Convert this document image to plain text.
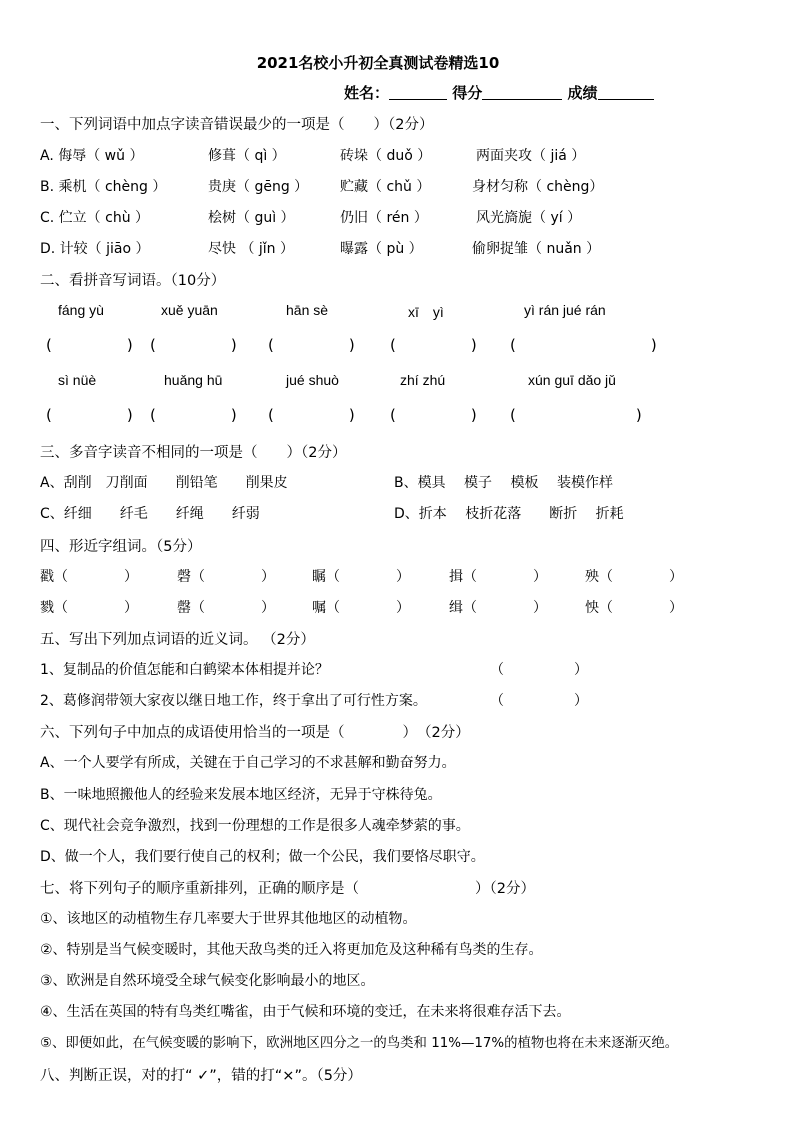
2021名校小升初全真测试卷精选10
姓名：	得分	成绩
一、下列词语中加点字读音错误最少的一项是（　　）（2分）
A. 侮辱（ wǔ ）	修葺（ qì ）	砖垛（ duǒ ）	两面夹攻（ jiá ）
B. 乘机（ chèng ）	贵庚（ gēng ） 贮藏（ chǔ ）	身材匀称（ chèng）
C. 伫立（ chù ）	桧树（ guì ）	仍旧（ rén ）	风光旖旎（ yí ）
D. 计较（ jiāo ）	尽快 （ jǐn ）	曝露（ pù ）	偷卵捉雏（ nuǎn ）
二、看拼音写词语。（10分）
fáng yù	xuě yuān	hān sè	xī　yì	yì rán jué rán
(　　　　　) (　　　　　) (　　　　　) (　　　　　) (　　　　　　　　　)
sì nüè	huǎng hū	jué shuò	zhí zhú	xún guī dǎo jǔ
(　　　　　) (　　　　　) (　　　　　) (　　　　　) (　　　　　　　　)
三、多音字读音不相同的一项是（　　）（2分）
A、刮削　刀削面　　削铅笔　　削果皮	B、模具　 模子　 模板　 装模作样
C、纤细　　纤毛　　纤绳　　纤弱	D、折本　 枝折花落　　断折　 折耗
四、形近字组词。（5分）
戳（　　　　）	磬（　　　　）	瞩（　　　　）	揖（　　　　）	殃（　　　　）
戮（　　　　）	罄（　　　　）	嘱（　　　　）	缉（　　　　）	怏（　　　　）
五、写出下列加点词语的近义词。 （2分）
1、复制品的价值怎能和白鹤梁本体相提并论？	（　　　　　）
2、葛修润带领大家夜以继日地工作，终于拿出了可行性方案。	（　　　　　）
六、下列句子中加点的成语使用恰当的一项是（　　　　）　（2分）
A、一个人要学有所成，关键在于自己学习的不求甚解和勤奋努力。
B、一味地照搬他人的经验来发展本地区经济，无异于守株待兔。
C、现代社会竞争激烈，找到一份理想的工作是很多人魂牵梦萦的事。
D、做一个人，我们要行使自己的权利；做一个公民，我们要恪尽职守。
七、将下列句子的顺序重新排列，正确的顺序是（　　　　　　　　）（2分）
①、该地区的动植物生存几率要大于世界其他地区的动植物。
②、特别是当气候变暖时，其他天敌鸟类的迁入将更加危及这种稀有鸟类的生存。
③、欧洲是自然环境受全球气候变化影响最小的地区。
④、生活在英国的特有鸟类红嘴雀，由于气候和环境的变迁，在未来将很难存活下去。
⑤、即便如此，在气候变暖的影响下，欧洲地区四分之一的鸟类和 11%—17%的植物也将在未来逐渐灭绝。
八、判断正误，对的打“ ✓”，错的打“×”。（5分）
